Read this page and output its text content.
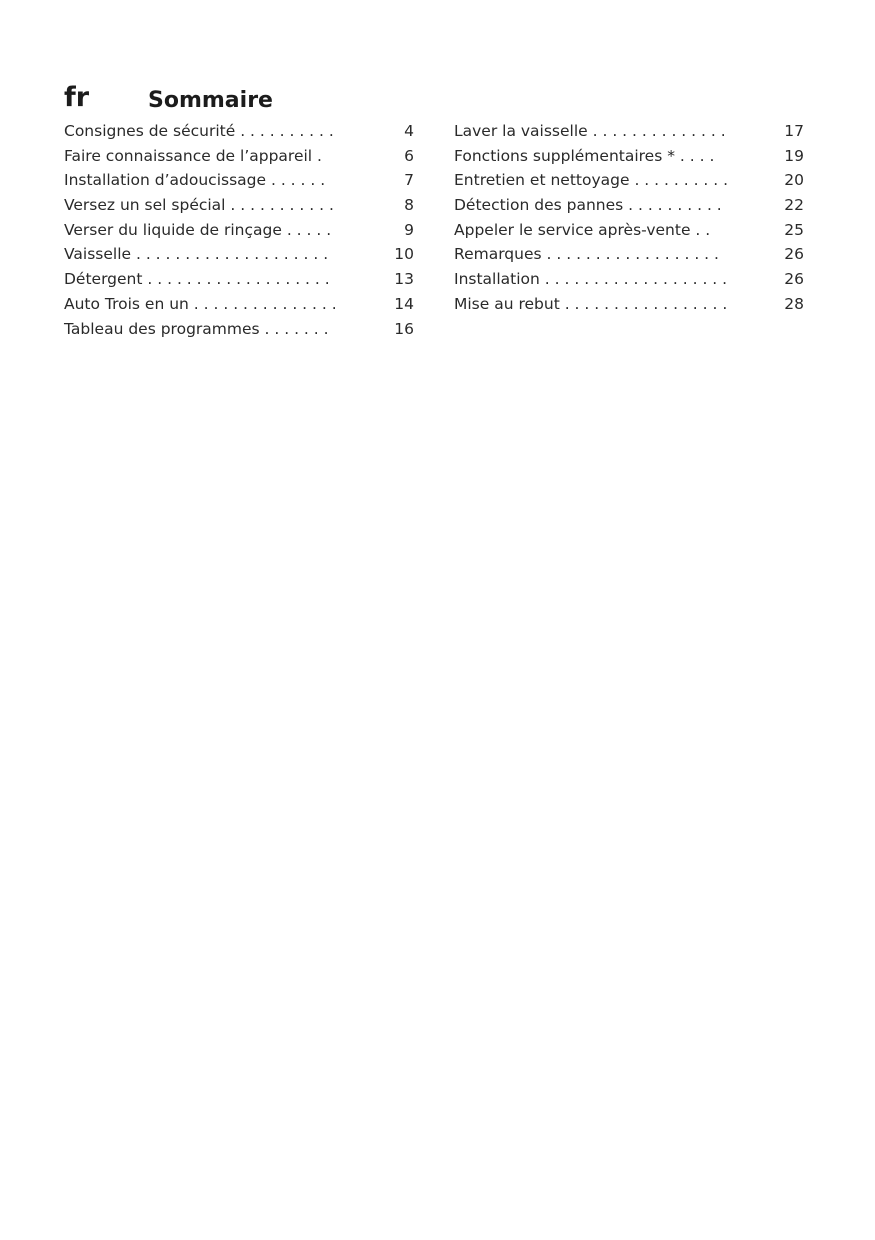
fr	Sommaire
Consignes de sécurité . . . . . . . . . .	4
Faire connaissance de l’appareil .	6
Installation d’adoucissage . . . . . .	7
Versez un sel spécial . . . . . . . . . . .	8
Verser du liquide de rinçage . . . . .	9
Vaisselle . . . . . . . . . . . . . . . . . . . .	10
Détergent . . . . . . . . . . . . . . . . . . .	13
Auto Trois en un . . . . . . . . . . . . . . .	14
Tableau des programmes . . . . . . .	16
Laver la vaisselle . . . . . . . . . . . . . .	17
Fonctions supplémentaires * . . . .	19
Entretien et nettoyage . . . . . . . . . .	20
Détection des pannes . . . . . . . . . .	22
Appeler le service après-vente . .	25
Remarques . . . . . . . . . . . . . . . . . .	26
Installation . . . . . . . . . . . . . . . . . . .	26
Mise au rebut . . . . . . . . . . . . . . . . .	28
